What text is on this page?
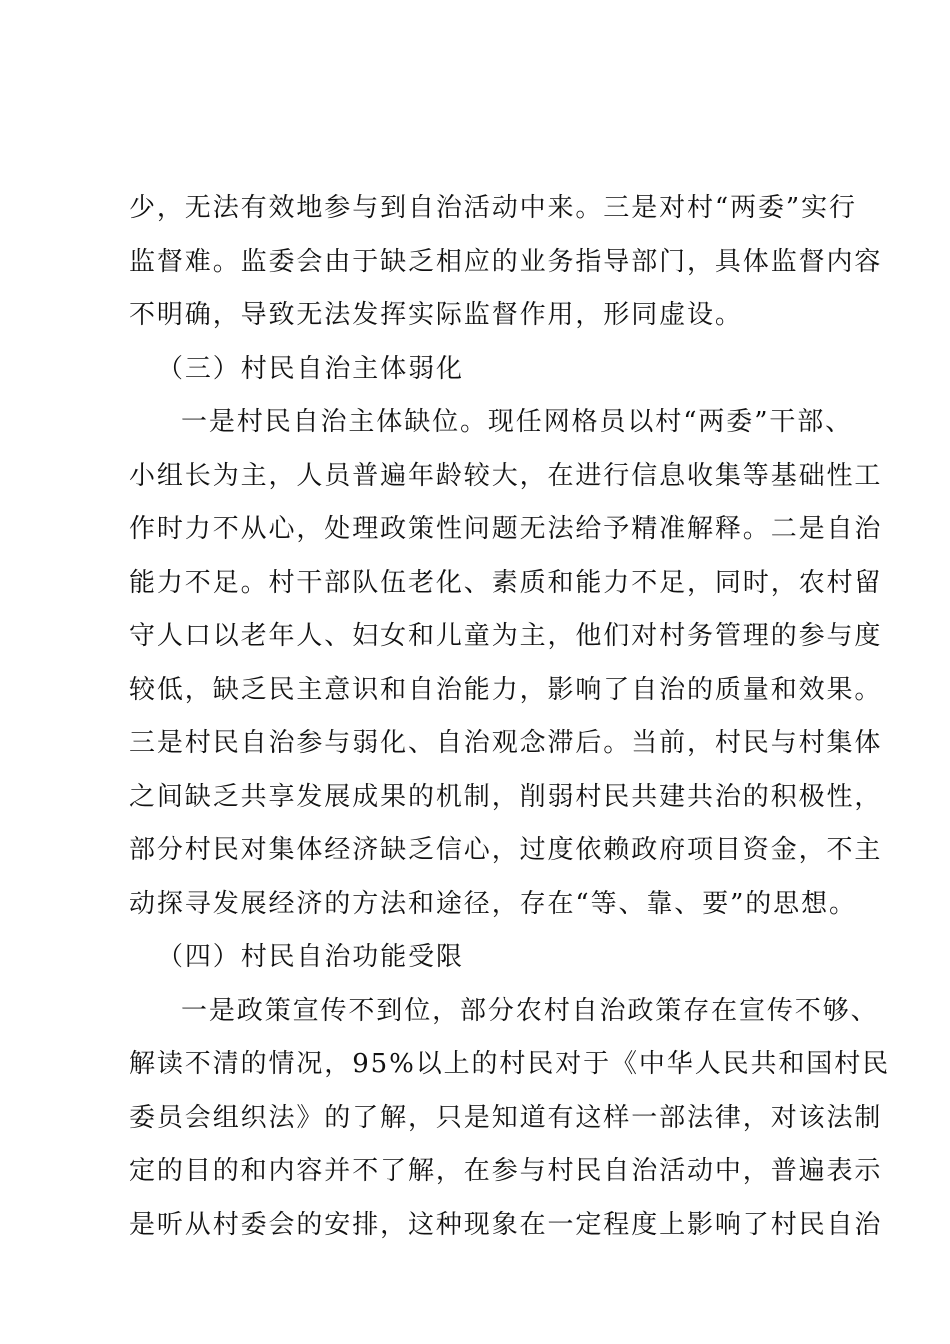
少，无法有效地参与到自治活动中来。三是对村“两委”实行
监督难。监委会由于缺乏相应的业务指导部门，具体监督内容
不明确，导致无法发挥实际监督作用，形同虚设。
（三）村民自治主体弱化
一是村民自治主体缺位。现任网格员以村“两委”干部、
小组长为主，人员普遍年龄较大，在进行信息收集等基础性工
作时力不从心，处理政策性问题无法给予精准解释。二是自治
能力不足。村干部队伍老化、素质和能力不足，同时，农村留
守人口以老年人、妇女和儿童为主，他们对村务管理的参与度
较低，缺乏民主意识和自治能力，影响了自治的质量和效果。
三是村民自治参与弱化、自治观念滞后。当前，村民与村集体
之间缺乏共享发展成果的机制，削弱村民共建共治的积极性，
部分村民对集体经济缺乏信心，过度依赖政府项目资金，不主
动探寻发展经济的方法和途径，存在“等、靠、要”的思想。
（四）村民自治功能受限
一是政策宣传不到位，部分农村自治政策存在宣传不够、
解读不清的情况，95%以上的村民对于《中华人民共和国村民
委员会组织法》的了解，只是知道有这样一部法律，对该法制
定的目的和内容并不了解，在参与村民自治活动中，普遍表示
是听从村委会的安排，这种现象在一定程度上影响了村民自治
